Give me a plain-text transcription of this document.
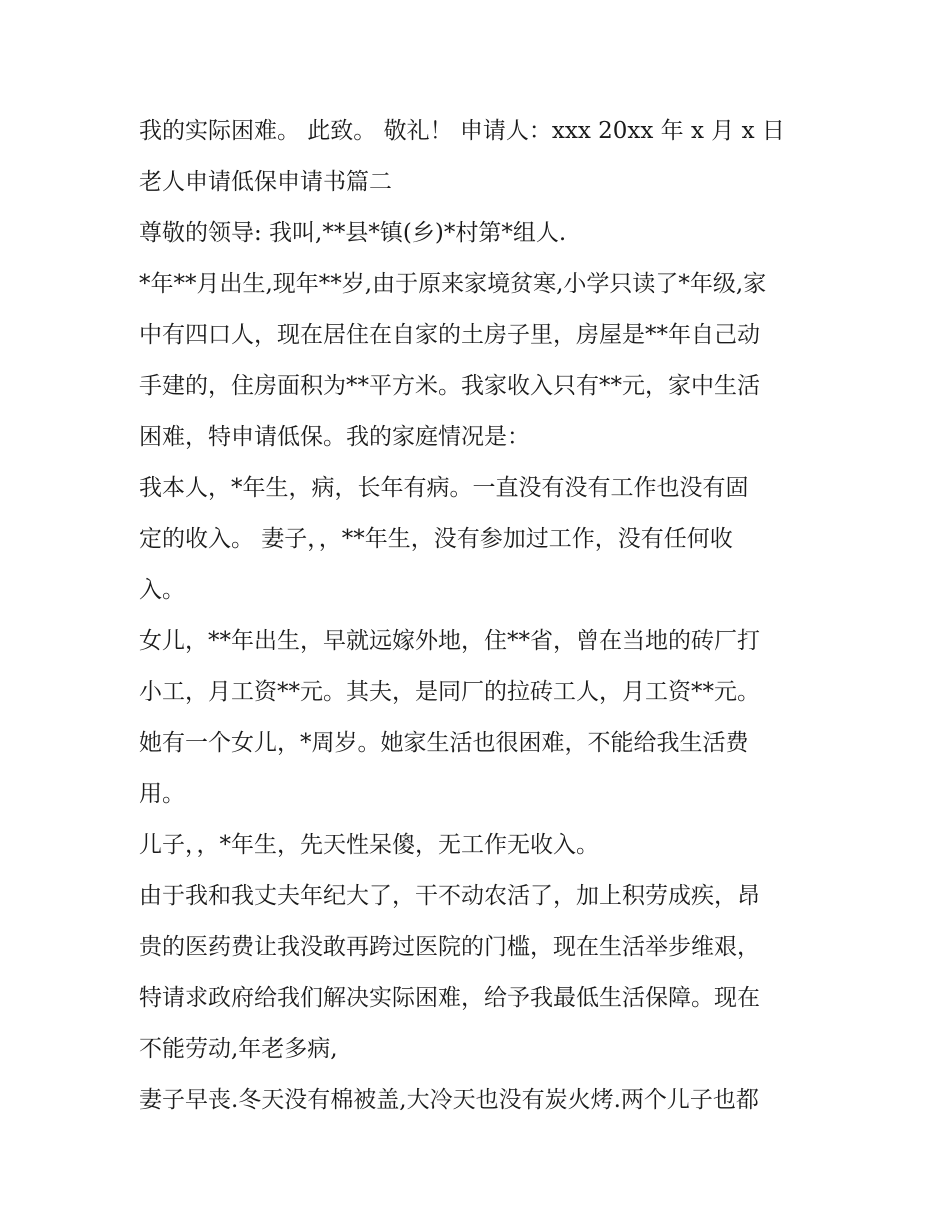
我的实际困难。 此致。 敬礼！ 申请人：xxx 20xx 年 x 月 x 日
老人申请低保申请书篇二
尊敬的领导: 我叫,**县*镇(乡)*村第*组人.
*年**月出生,现年**岁,由于原来家境贫寒,小学只读了*年级,家
中有四口人，现在居住在自家的土房子里，房屋是**年自己动
手建的，住房面积为**平方米。我家收入只有**元，家中生活
困难，特申请低保。我的家庭情况是：
我本人，*年生，病，长年有病。一直没有没有工作也没有固
定的收入。 妻子，，**年生，没有参加过工作，没有任何收
入。
女儿，**年出生，早就远嫁外地，住**省，曾在当地的砖厂打
小工，月工资**元。其夫，是同厂的拉砖工人，月工资**元。
她有一个女儿，*周岁。她家生活也很困难，不能给我生活费
用。
儿子，，*年生，先天性呆傻，无工作无收入。
由于我和我丈夫年纪大了，干不动农活了，加上积劳成疾，昂
贵的医药费让我没敢再跨过医院的门槛，现在生活举步维艰，
特请求政府给我们解决实际困难，给予我最低生活保障。现在
不能劳动,年老多病,
妻子早丧.冬天没有棉被盖,大冷天也没有炭火烤.两个儿子也都
